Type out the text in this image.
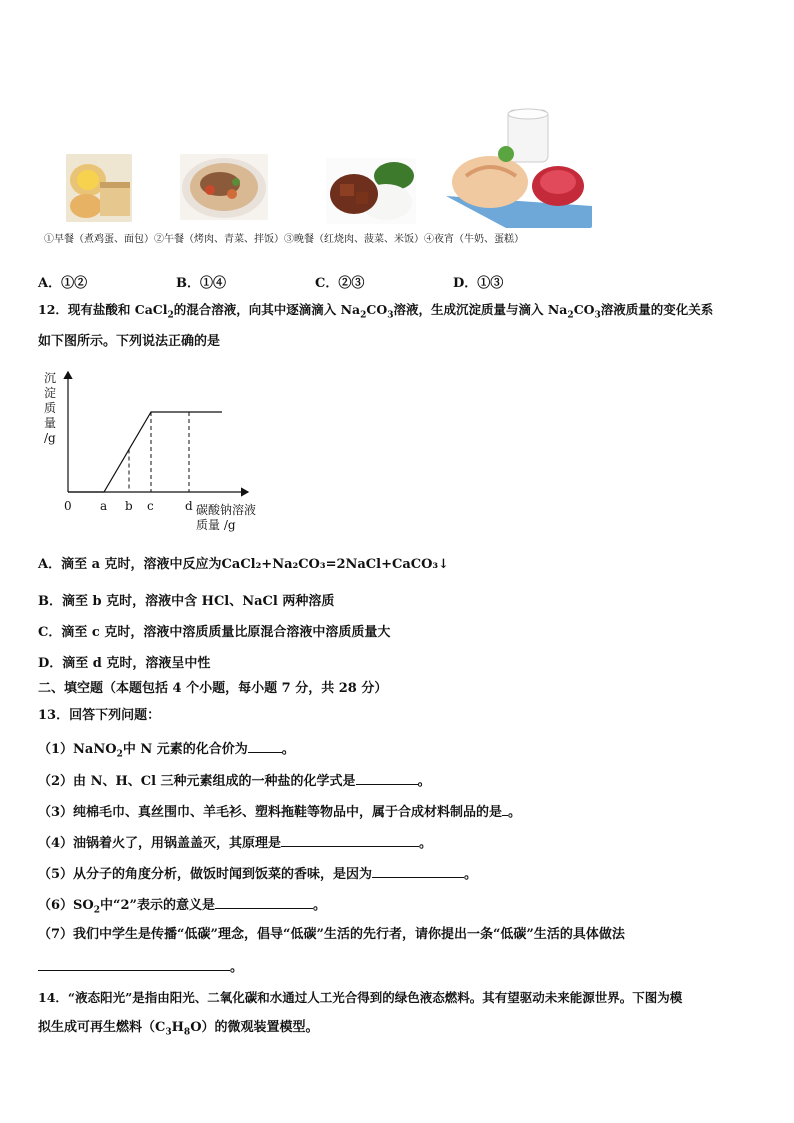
①早餐（煮鸡蛋、面包）②午餐（烤肉、青菜、拌饭）③晚餐（红烧肉、菠菜、米饭）④夜宵（牛奶、蛋糕）
A．①②	B．①④	C．②③	D．①③
12．现有盐酸和 CaCl$_2$的混合溶液，向其中逐滴滴入 $Na_2CO_3$溶液，生成沉淀质量与滴入 $Na_2CO_3$溶液质量的变化关系
如下图所示。下列说法正确的是
沉
淀
质
量
/g
碳酸钠溶液
质量 /g
0 a b c	d
A．滴至 a 克时，溶液中反应为CaCl₂+Na₂CO₃=2NaCl+CaCO₃↓
B．滴至 b 克时，溶液中含 HCl、NaCl 两种溶质
C．滴至 c 克时，溶液中溶质质量比原混合溶液中溶质质量大
D．滴至 d 克时，溶液呈中性
二、填空题（本题包括 4 个小题，每小题 7 分，共 28 分）
13．回答下列问题：
（1）NaNO$_2$中 N 元素的化合价为	。
（2）由 N、H、Cl 三种元素组成的一种盐的化学式是	。
（3）纯棉毛巾、真丝围巾、羊毛衫、塑料拖鞋等物品中，属于合成材料制品的是 。
（4）油锅着火了，用锅盖盖灭，其原理是	。
（5）从分子的角度分析，做饭时闻到饭菜的香味，是因为	。
$(6)SO_2$中“2”表示的意义是	。
（7）我们中学生是传播“低碳”理念，倡导“低碳”生活的先行者，请你提出一条“低碳”生活的具体做法
。
14．“液态阳光”是指由阳光、二氧化碳和水通过人工光合得到的绿色液态燃料。其有望驱动未来能源世界。下图为模
拟生成可再生燃料$(C_3H_8O)$的微观装置模型。
